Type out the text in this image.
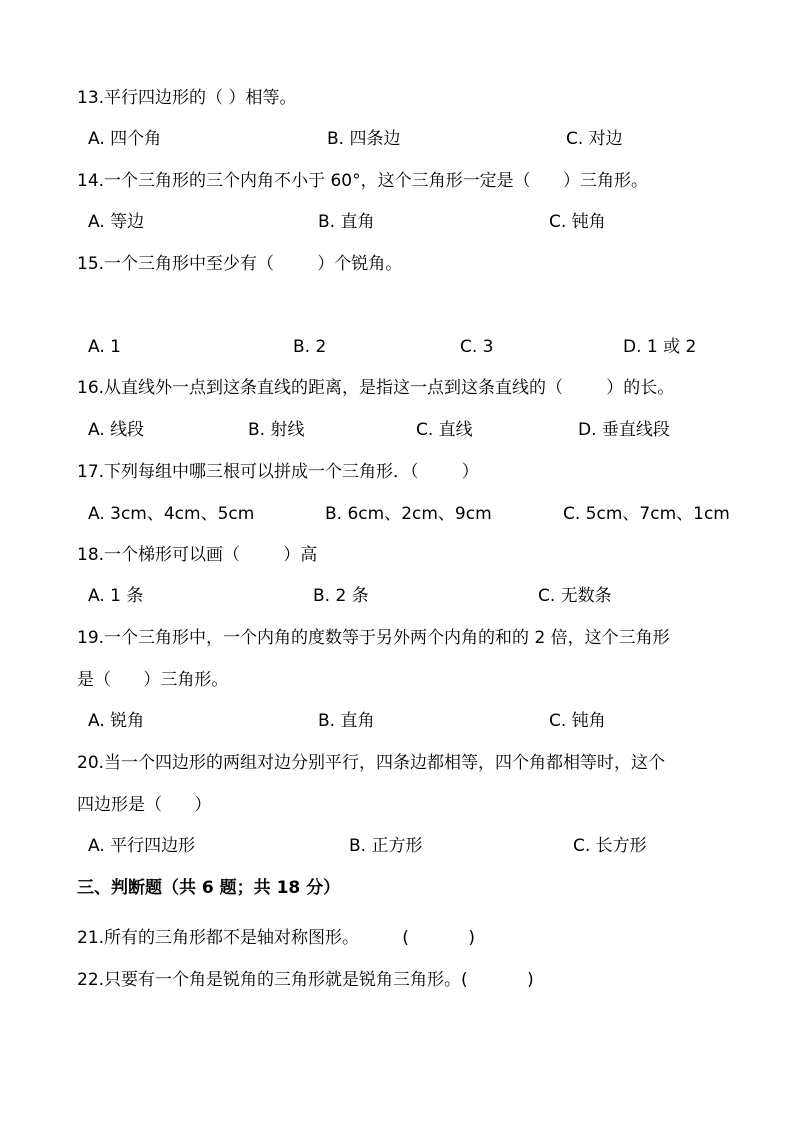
13.平行四边形的（ ）相等。
A. 四个角	B. 四条边	C. 对边
14.一个三角形的三个内角不小于 60°，这个三角形一定是（      ）三角形。
A. 等边	B. 直角	C. 钝角
15.一个三角形中至少有（        ）个锐角。
A. 1	B. 2	C. 3	D. 1 或 2
16.从直线外一点到这条直线的距离，是指这一点到这条直线的（        ）的长。
A. 线段	B. 射线	C. 直线	D. 垂直线段
17.下列每组中哪三根可以拼成一个三角形．（        ）
A. 3cm、4cm、5cm	B. 6cm、2cm、9cm	C. 5cm、7cm、1cm
18.一个梯形可以画（        ）高
A. 1 条	B. 2 条	C. 无数条
19.一个三角形中，一个内角的度数等于另外两个内角的和的 2 倍，这个三角形
是（      ）三角形。
A. 锐角	B. 直角	C. 钝角
20.当一个四边形的两组对边分别平行，四条边都相等，四个角都相等时，这个
四边形是（      ）
A. 平行四边形	B. 正方形	C. 长方形
三、判断题（共 6 题；共 18 分）
21.所有的三角形都不是轴对称图形。        (           )
22.只要有一个角是锐角的三角形就是锐角三角形。(           )
